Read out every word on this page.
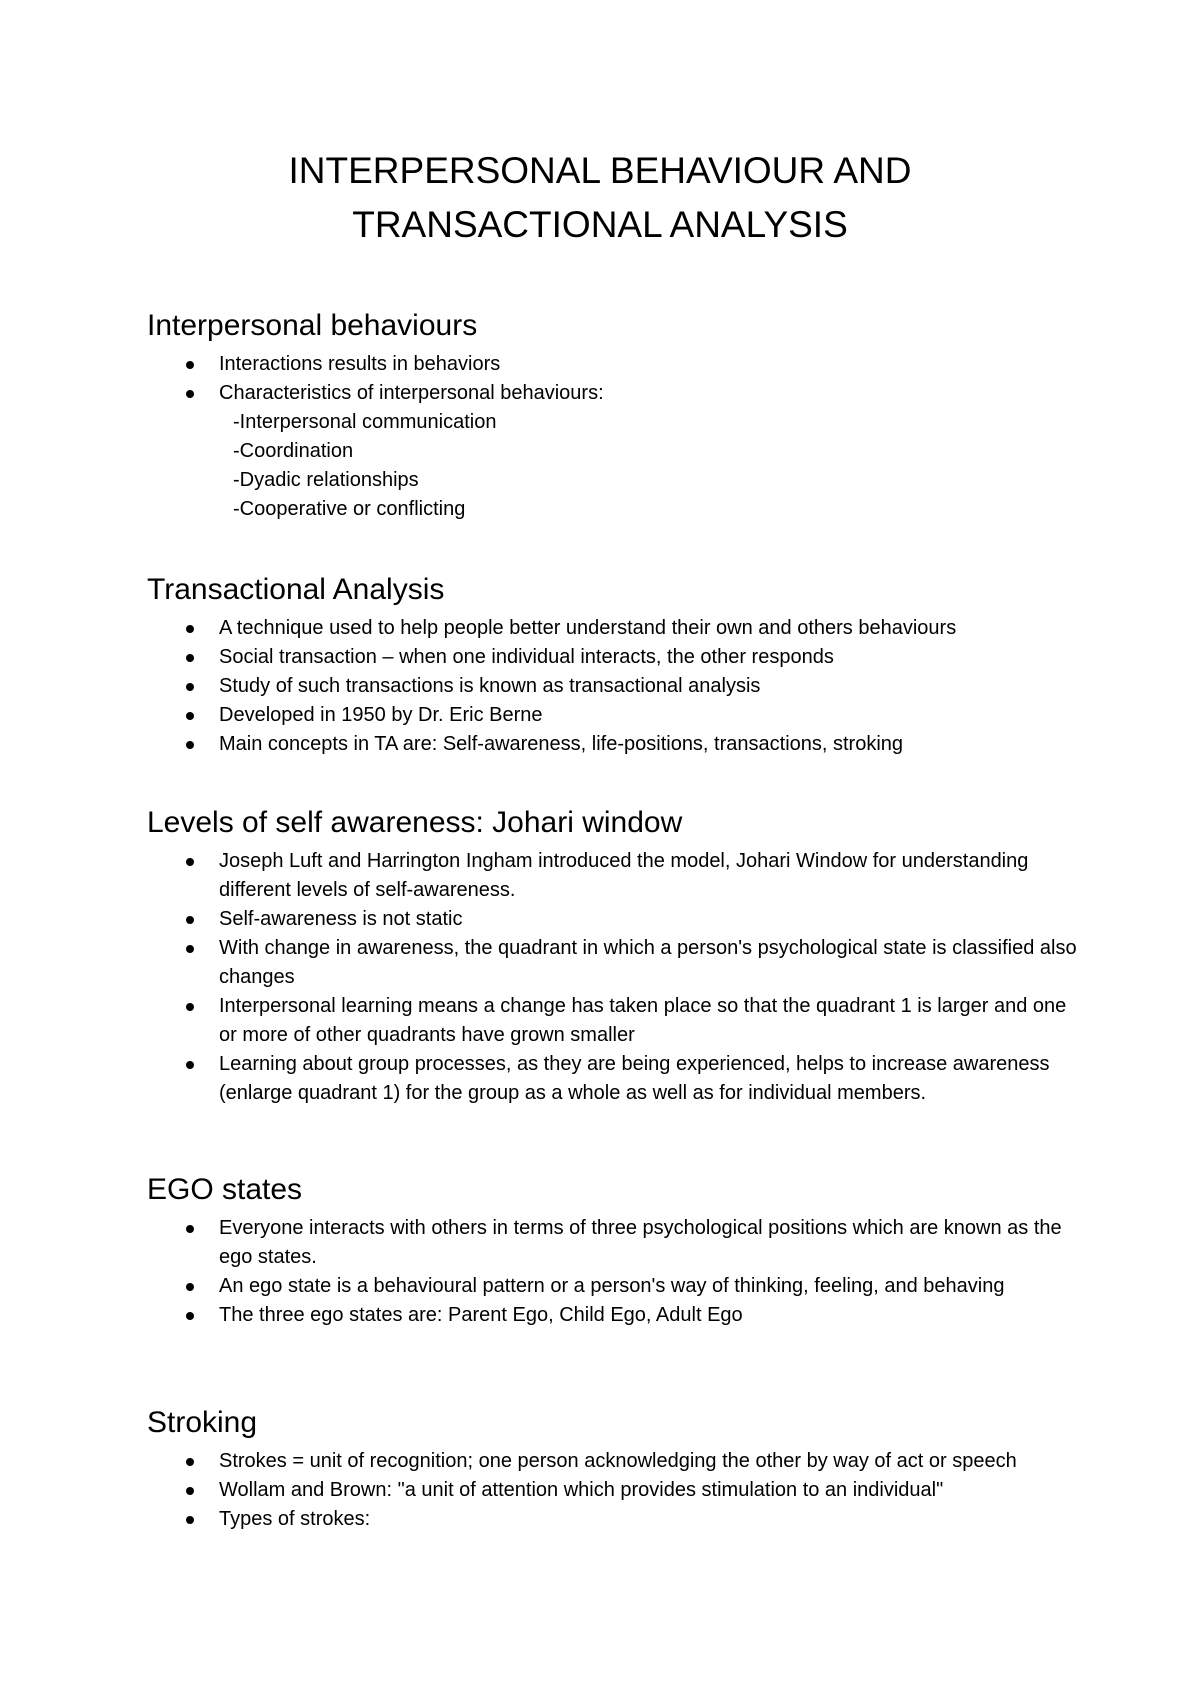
INTERPERSONAL BEHAVIOUR AND
TRANSACTIONAL ANALYSIS
Interpersonal behaviours
Interactions results in behaviors
Characteristics of interpersonal behaviours:
-Interpersonal communication
-Coordination
-Dyadic relationships
-Cooperative or conflicting
Transactional Analysis
A technique used to help people better understand their own and others behaviours
Social transaction – when one individual interacts, the other responds
Study of such transactions is known as transactional analysis
Developed in 1950 by Dr. Eric Berne
Main concepts in TA are: Self-awareness, life-positions, transactions, stroking
Levels of self awareness: Johari window
Joseph Luft and Harrington Ingham introduced the model, Johari Window for understanding different levels of self-awareness.
Self-awareness is not static
With change in awareness, the quadrant in which a person's psychological state is classified also changes
Interpersonal learning means a change has taken place so that the quadrant 1 is larger and one or more of other quadrants have grown smaller
Learning about group processes, as they are being experienced, helps to increase awareness (enlarge quadrant 1) for the group as a whole as well as for individual members.
EGO states
Everyone interacts with others in terms of three psychological positions which are known as the ego states.
An ego state is a behavioural pattern or a person's way of thinking, feeling, and behaving
The three ego states are: Parent Ego, Child Ego, Adult Ego
Stroking
Strokes = unit of recognition; one person acknowledging the other by way of act or speech
Wollam and Brown: "a unit of attention which provides stimulation to an individual"
Types of strokes:
